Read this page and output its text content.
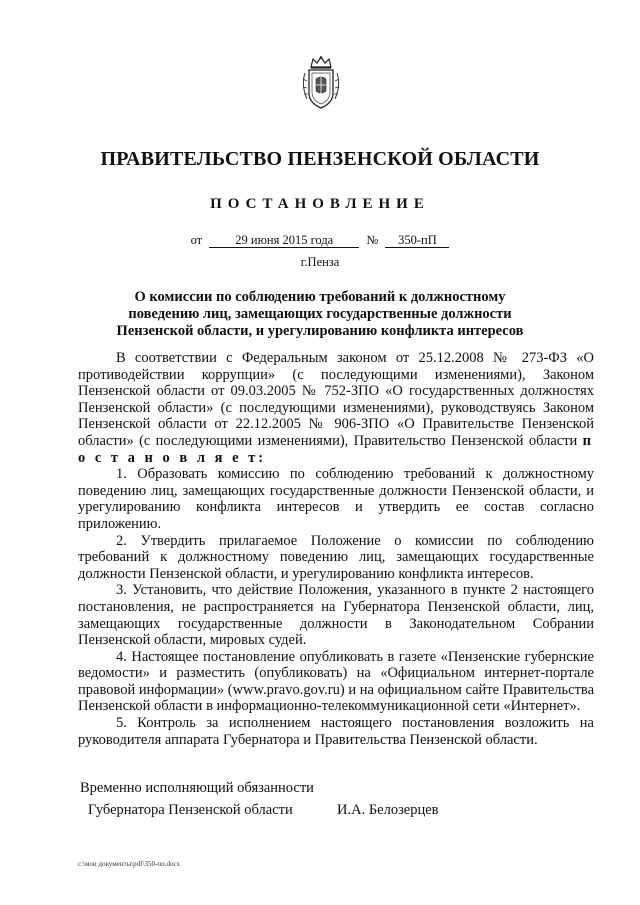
ПРАВИТЕЛЬСТВО ПЕНЗЕНСКОЙ ОБЛАСТИ
ПОСТАНОВЛЕНИЕ
от	29 июня 2015 года	№ 350-пП
г.Пенза
О комиссии по соблюдению требований к должностному поведению лиц, замещающих государственные должности Пензенской области, и урегулированию конфликта интересов

В соответствии с Федеральным законом от 25.12.2008 № 273-ФЗ «О противодействии коррупции» (с последующими изменениями), Законом Пензенской области от 09.03.2005 № 752-ЗПО «О государственных должностях Пензенской области» (с последующими изменениями), руководствуясь Законом Пензенской области от 22.12.2005 № 906-ЗПО «О Правительстве Пензенской области» (с последующими изменениями), Правительство Пензенской области п о с т а н о в л я е т:

1. Образовать комиссию по соблюдению требований к должностному поведению лиц, замещающих государственные должности Пензенской области, и урегулированию конфликта интересов и утвердить ее состав согласно приложению.

2. Утвердить прилагаемое Положение о комиссии по соблюдению требований к должностному поведению лиц, замещающих государственные должности Пензенской области, и урегулированию конфликта интересов.

3. Установить, что действие Положения, указанного в пункте 2 настоящего постановления, не распространяется на Губернатора Пензенской области, лиц, замещающих государственные должности в Законодательном Собрании Пензенской области, мировых судей.

4. Настоящее постановление опубликовать в газете «Пензенские губернские ведомости» и разместить (опубликовать) на «Официальном интернет-портале правовой информации» (www.pravo.gov.ru) и на официальном сайте Правительства Пензенской области в информационно-телекоммуникационной сети «Интернет».

5. Контроль за исполнением настоящего постановления возложить на руководителя аппарата Губернатора и Правительства Пензенской области.

Временно исполняющий обязанности
Губернатора Пензенской области	И.А. Белозерцев
c:\мои документы\pdf\350-пп.docx
